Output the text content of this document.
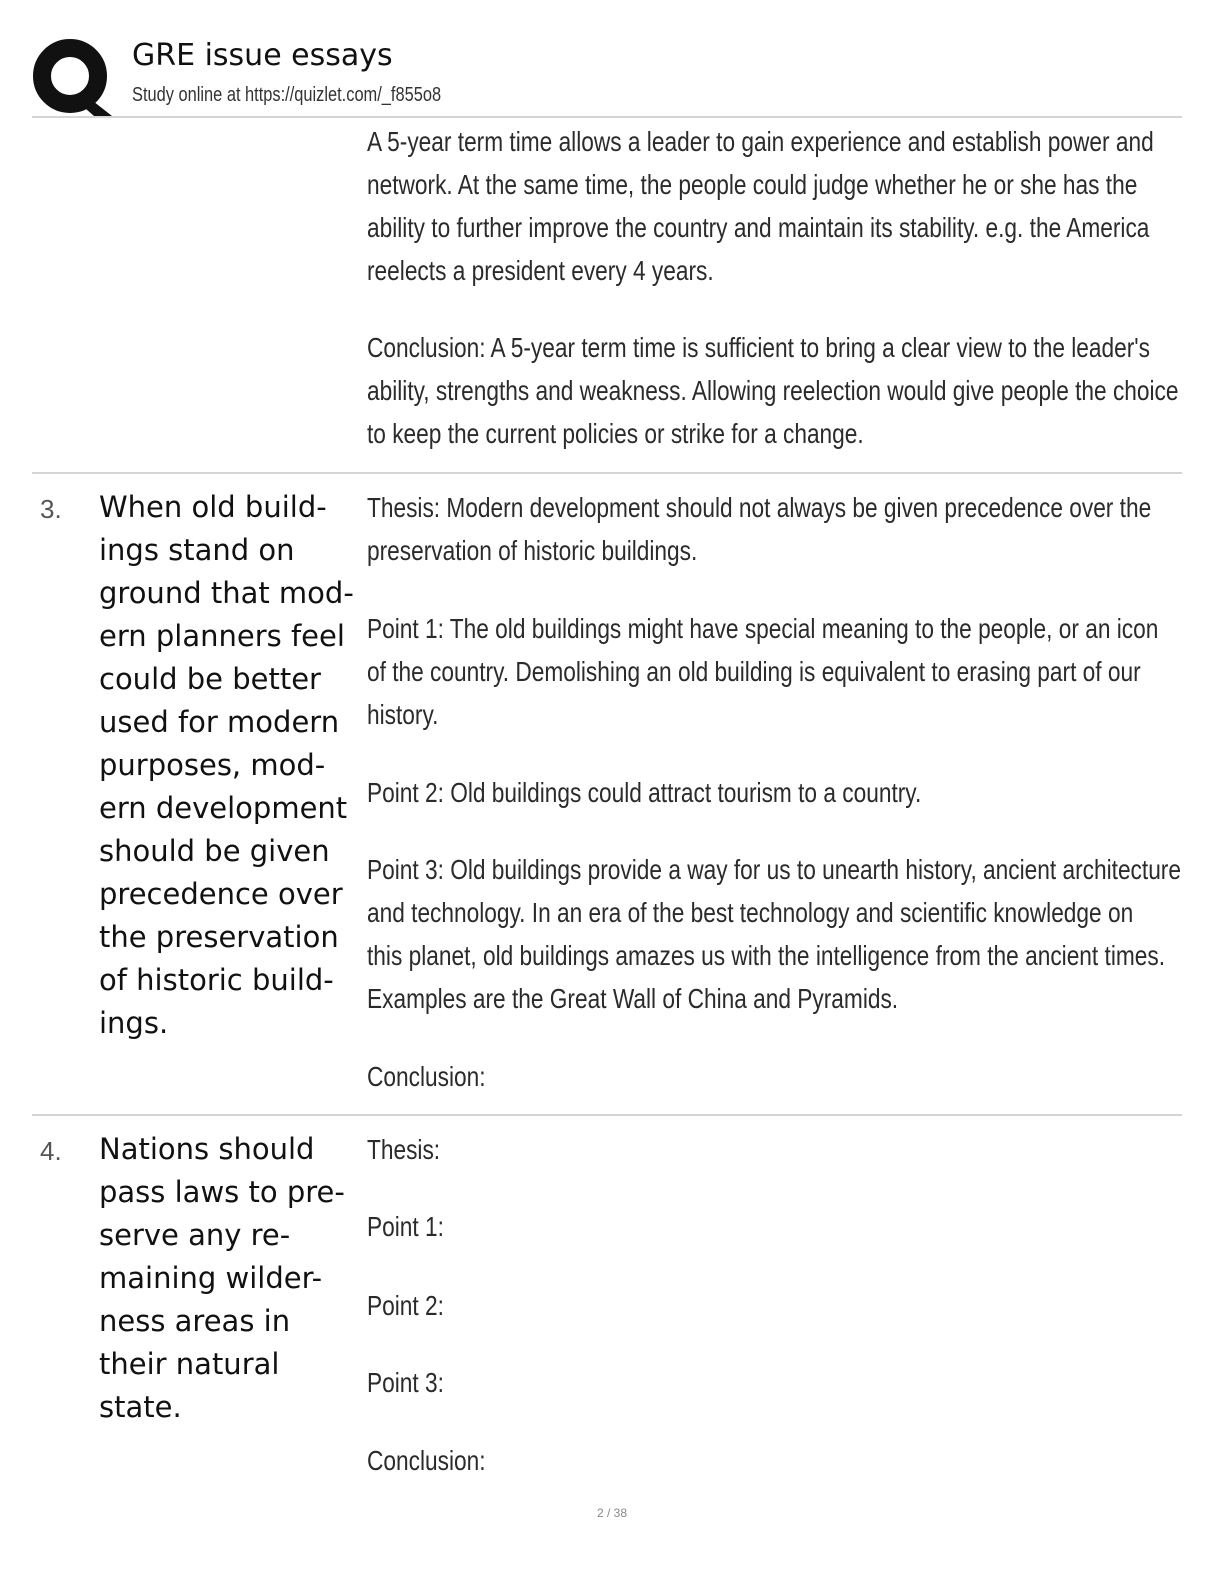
GRE issue essays
Study online at https://quizlet.com/_f855o8
A 5-year term time allows a leader to gain experience and establish power and
network. At the same time, the people could judge whether he or she has the
ability to further improve the country and maintain its stability. e.g. the America
reelects a president every 4 years.
Conclusion: A 5-year term time is sufficient to bring a clear view to the leader's
ability, strengths and weakness. Allowing reelection would give people the choice
to keep the current policies or strike for a change.
3. When old build-
ings stand on
ground that mod-
ern planners feel
could be better
used for modern
purposes, mod-
ern development
should be given
precedence over
the preservation
of historic build-
ings.
Thesis: Modern development should not always be given precedence over the
preservation of historic buildings.
Point 1: The old buildings might have special meaning to the people, or an icon
of the country. Demolishing an old building is equivalent to erasing part of our
history.
Point 2: Old buildings could attract tourism to a country.
Point 3: Old buildings provide a way for us to unearth history, ancient architecture
and technology. In an era of the best technology and scientific knowledge on
this planet, old buildings amazes us with the intelligence from the ancient times.
Examples are the Great Wall of China and Pyramids.
Conclusion:
4. Nations should
pass laws to pre-
serve any re-
maining wilder-
ness areas in
their natural
state.
Thesis:
Point 1:
Point 2:
Point 3:
Conclusion:
2 / 38
